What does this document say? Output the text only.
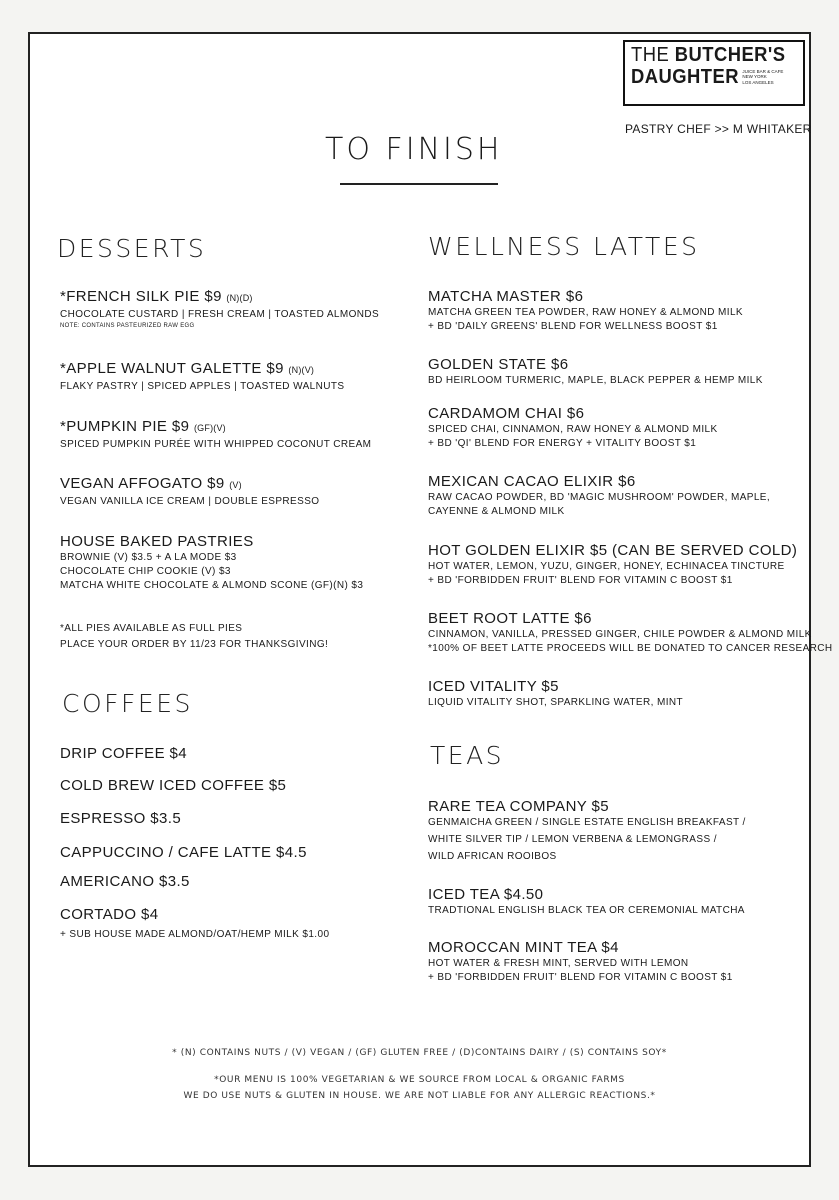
THE BUTCHER'S
DAUGHTER JUICE BAR & CAFE
NEW YORK
LOS ANGELES
PASTRY CHEF >> M WHITAKER
TO FINISH
DESSERTS
*FRENCH SILK PIE $9 (N)(D)
CHOCOLATE CUSTARD | FRESH CREAM | TOASTED ALMONDS
NOTE: CONTAINS PASTEURIZED RAW EGG
*APPLE WALNUT GALETTE $9 (N)(V)
FLAKY PASTRY | SPICED APPLES | TOASTED WALNUTS
*PUMPKIN PIE $9 (GF)(V)
SPICED PUMPKIN PURÉE WITH WHIPPED COCONUT CREAM
VEGAN AFFOGATO $9 (V)
VEGAN VANILLA ICE CREAM | DOUBLE ESPRESSO
HOUSE BAKED PASTRIES
BROWNIE (V) $3.5 + A LA MODE $3
CHOCOLATE CHIP COOKIE (V) $3
MATCHA WHITE CHOCOLATE & ALMOND SCONE (GF)(N) $3
*ALL PIES AVAILABLE AS FULL PIES
PLACE YOUR ORDER BY 11/23 FOR THANKSGIVING!
COFFEES
DRIP COFFEE $4
COLD BREW ICED COFFEE $5
ESPRESSO $3.5
CAPPUCCINO / CAFE LATTE $4.5
AMERICANO $3.5
CORTADO $4
+ SUB HOUSE MADE ALMOND/OAT/HEMP MILK $1.00
WELLNESS LATTES
MATCHA MASTER $6
MATCHA GREEN TEA POWDER, RAW HONEY & ALMOND MILK
+ BD 'DAILY GREENS' BLEND FOR WELLNESS BOOST $1
GOLDEN STATE $6
BD HEIRLOOM TURMERIC, MAPLE, BLACK PEPPER & HEMP MILK
CARDAMOM CHAI $6
SPICED CHAI, CINNAMON, RAW HONEY & ALMOND MILK
+ BD 'QI' BLEND FOR ENERGY + VITALITY BOOST $1
MEXICAN CACAO ELIXIR $6
RAW CACAO POWDER, BD 'MAGIC MUSHROOM' POWDER, MAPLE,
CAYENNE & ALMOND MILK
HOT GOLDEN ELIXIR $5 (CAN BE SERVED COLD)
HOT WATER, LEMON, YUZU, GINGER, HONEY, ECHINACEA TINCTURE
+ BD 'FORBIDDEN FRUIT' BLEND FOR VITAMIN C BOOST $1
BEET ROOT LATTE $6
CINNAMON, VANILLA, PRESSED GINGER, CHILE POWDER & ALMOND MILK
*100% OF BEET LATTE PROCEEDS WILL BE DONATED TO CANCER RESEARCH
ICED VITALITY $5
LIQUID VITALITY SHOT, SPARKLING WATER, MINT
TEAS
RARE TEA COMPANY $5
GENMAICHA GREEN / SINGLE ESTATE ENGLISH BREAKFAST /
WHITE SILVER TIP / LEMON VERBENA & LEMONGRASS /
WILD AFRICAN ROOIBOS
ICED TEA $4.50
TRADTIONAL ENGLISH BLACK TEA OR CEREMONIAL MATCHA
MOROCCAN MINT TEA $4
HOT WATER & FRESH MINT, SERVED WITH LEMON
+ BD 'FORBIDDEN FRUIT' BLEND FOR VITAMIN C BOOST $1
* (N) CONTAINS NUTS / (V) VEGAN / (GF) GLUTEN FREE / (D)CONTAINS DAIRY / (S) CONTAINS SOY*
*OUR MENU IS 100% VEGETARIAN & WE SOURCE FROM LOCAL & ORGANIC FARMS
WE DO USE NUTS & GLUTEN IN HOUSE. WE ARE NOT LIABLE FOR ANY ALLERGIC REACTIONS.*
